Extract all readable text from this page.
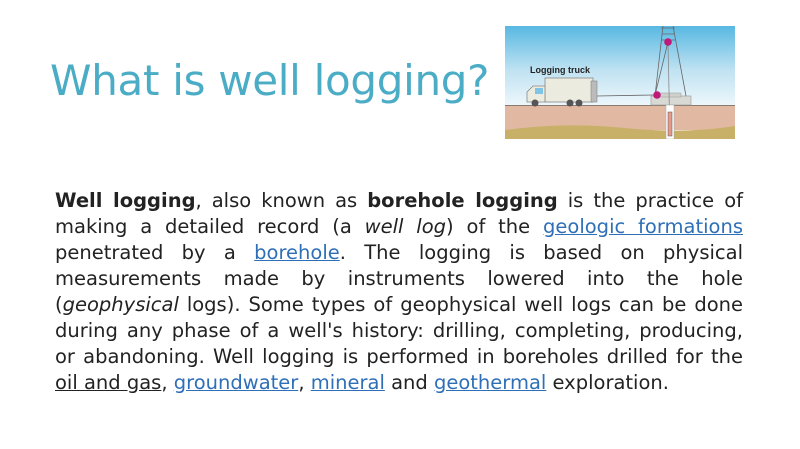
What is well logging?	Logging truck
Well logging, also known as borehole logging is the practice of making a detailed record (a well log) of the geologic formations penetrated by a borehole. The logging is based on physical measurements made by instruments lowered into the hole (geophysical logs). Some types of geophysical well logs can be done during any phase of a well's history: drilling, completing, producing, or abandoning. Well logging is performed in boreholes drilled for the oil and gas, groundwater, mineral and geothermal exploration.
